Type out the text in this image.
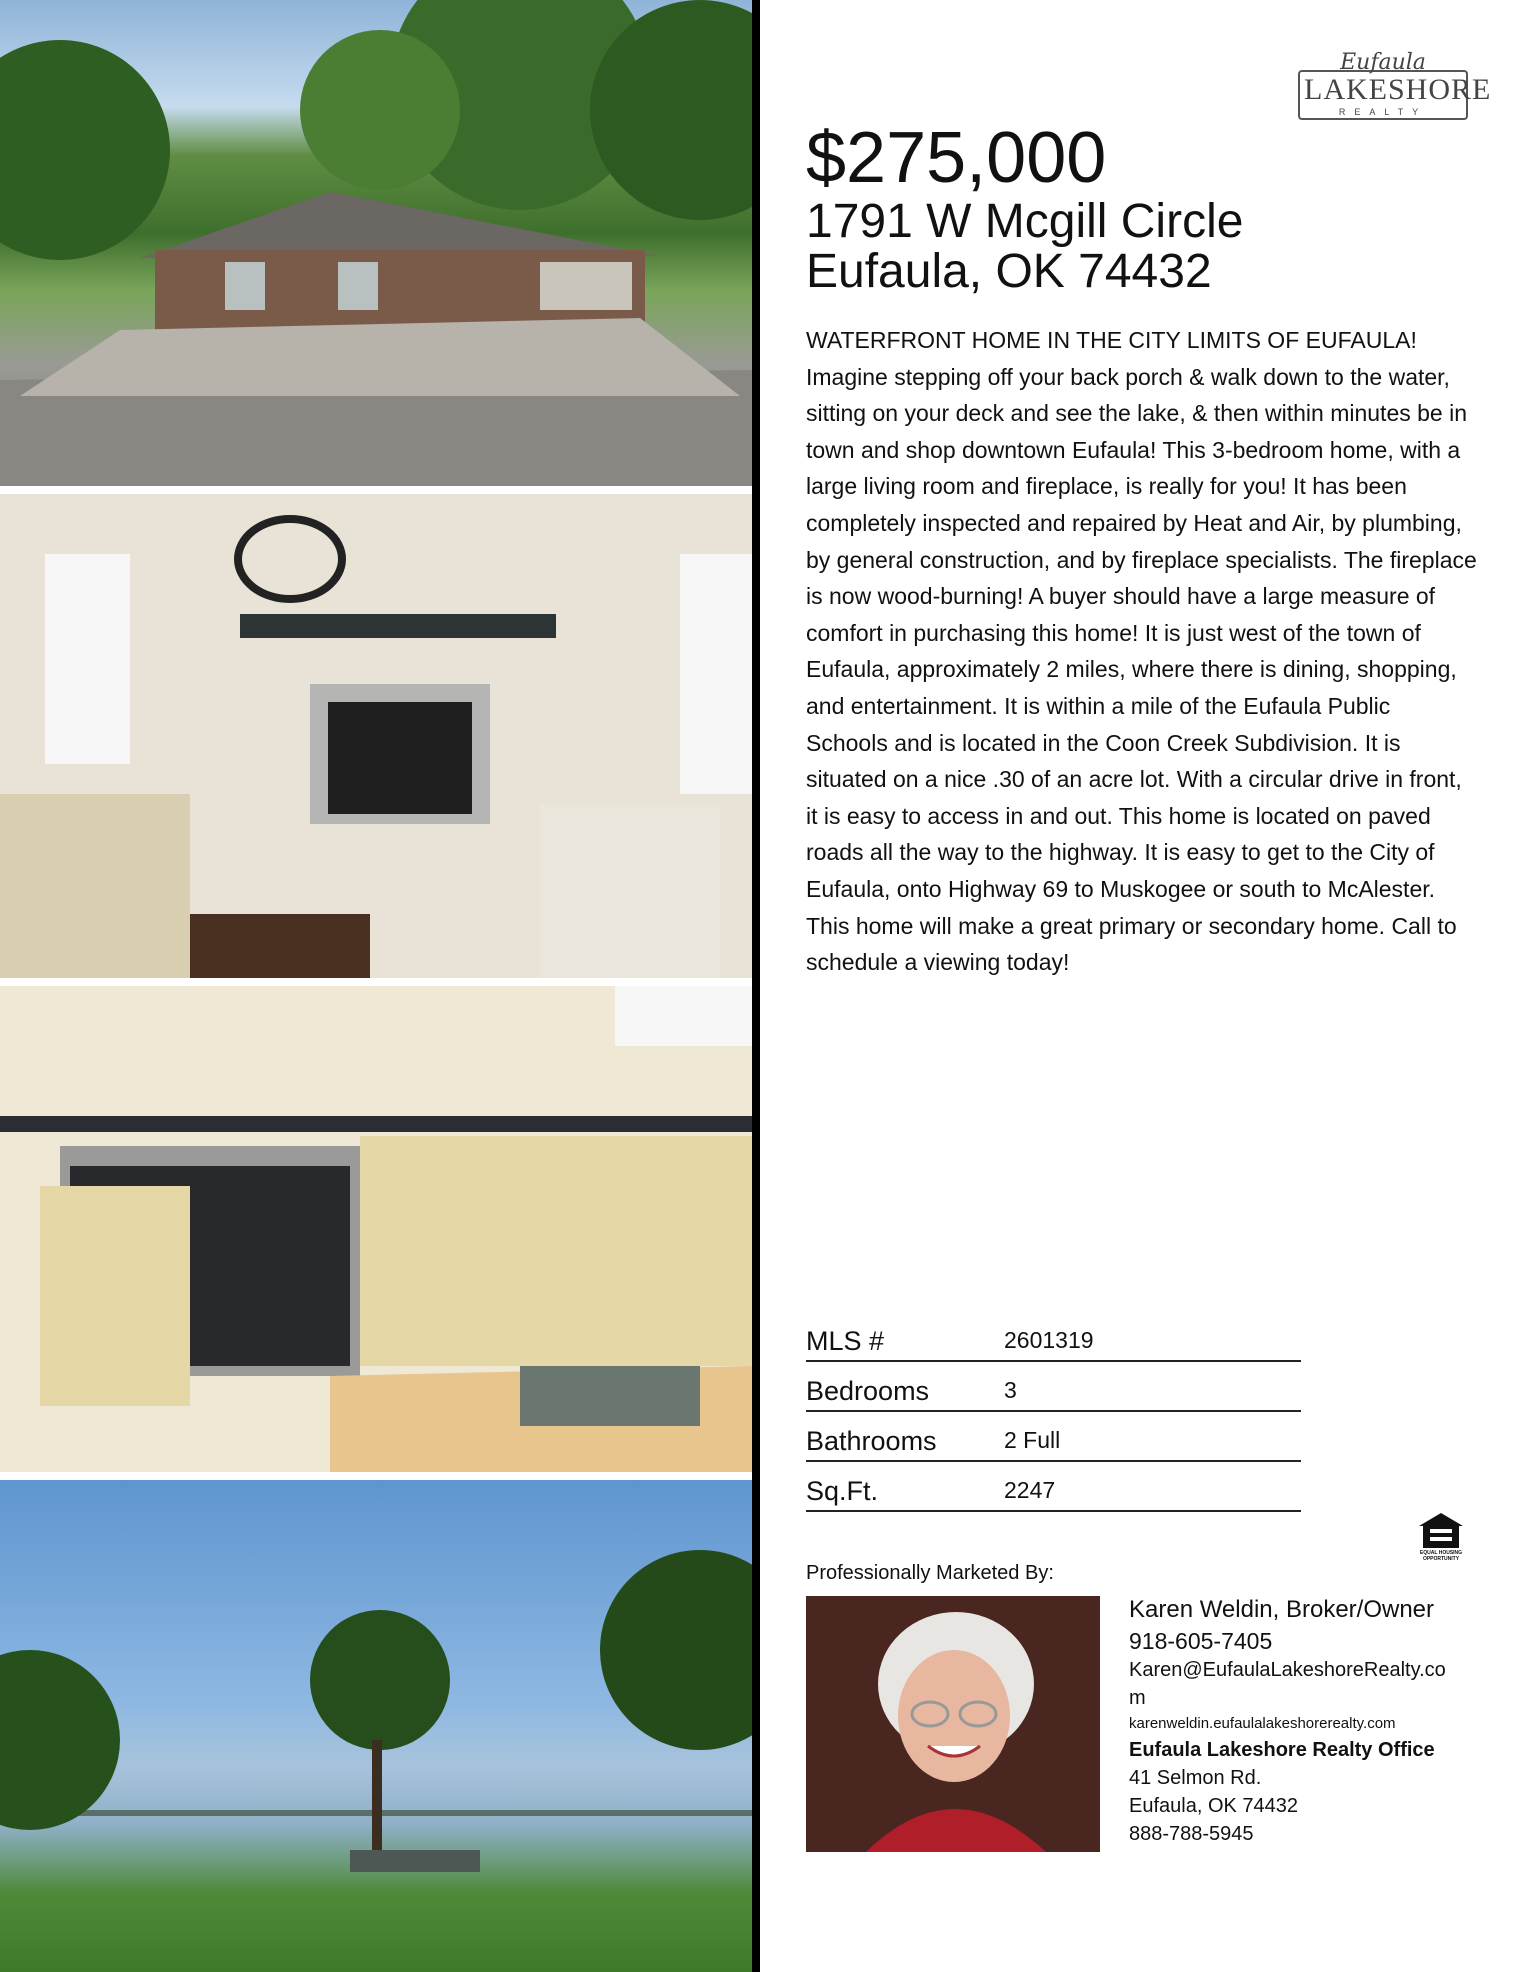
Eufaula
LAKESHORE
REALTY
$275,000
1791 W Mcgill Circle
Eufaula, OK 74432
WATERFRONT HOME IN THE CITY LIMITS OF EUFAULA! Imagine stepping off your back porch & walk down to the water, sitting on your deck and see the lake, & then within minutes be in town and shop downtown Eufaula! This 3-bedroom home, with a large living room and fireplace, is really for you! It has been completely inspected and repaired by Heat and Air, by plumbing, by general construction, and by fireplace specialists. The fireplace is now wood-burning! A buyer should have a large measure of comfort in purchasing this home! It is just west of the town of Eufaula, approximately 2 miles, where there is dining, shopping, and entertainment. It is within a mile of the Eufaula Public Schools and is located in the Coon Creek Subdivision. It is situated on a nice .30 of an acre lot. With a circular drive in front, it is easy to access in and out. This home is located on paved roads all the way to the highway. It is easy to get to the City of Eufaula, onto Highway 69 to Muskogee or south to McAlester. This home will make a great primary or secondary home. Call to schedule a viewing today!
MLS #	2601319
Bedrooms	3
Bathrooms	2 Full
Sq.Ft.	2247
EQUAL HOUSING OPPORTUNITY
Professionally Marketed By:
Karen Weldin, Broker/Owner
918-605-7405
Karen@EufaulaLakeshoreRealty.co
m
karenweldin.eufaulalakeshorerealty.com
Eufaula Lakeshore Realty Office
41 Selmon Rd.
Eufaula, OK 74432
888-788-5945
